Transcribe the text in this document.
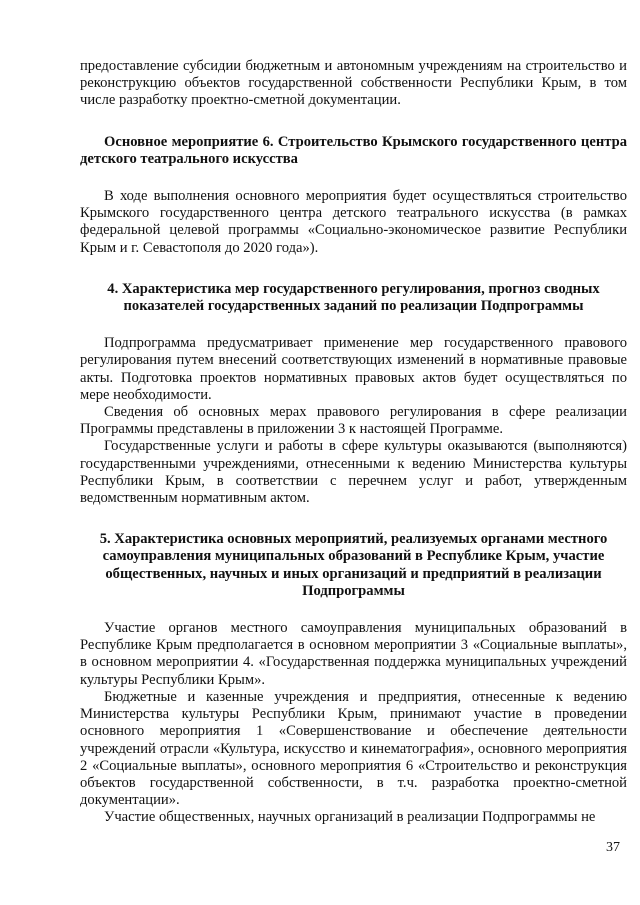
предоставление субсидии бюджетным и автономным учреждениям на строительство и реконструкцию объектов государственной собственности Республики Крым, в том числе разработку проектно-сметной документации.

Основное мероприятие 6. Строительство Крымского государственного центра детского театрального искусства

В ходе выполнения основного мероприятия будет осуществляться строительство Крымского государственного центра детского театрального искусства (в рамках федеральной целевой программы «Социально-экономическое развитие Республики Крым и г. Севастополя до 2020 года»).

4. Характеристика мер государственного регулирования, прогноз сводных показателей государственных заданий по реализации Подпрограммы

Подпрограмма предусматривает применение мер государственного правового регулирования путем внесений соответствующих изменений в нормативные правовые акты. Подготовка проектов нормативных правовых актов будет осуществляться по мере необходимости.

Сведения об основных мерах правового регулирования в сфере реализации Программы представлены в приложении 3 к настоящей Программе.

Государственные услуги и работы в сфере культуры оказываются (выполняются) государственными учреждениями, отнесенными к ведению Министерства культуры Республики Крым, в соответствии с перечнем услуг и работ, утвержденным ведомственным нормативным актом.

5. Характеристика основных мероприятий, реализуемых органами местного самоуправления муниципальных образований в Республике Крым, участие общественных, научных и иных организаций и предприятий в реализации Подпрограммы

Участие органов местного самоуправления муниципальных образований в Республике Крым предполагается в основном мероприятии 3 «Социальные выплаты», в основном мероприятии 4. «Государственная поддержка муниципальных учреждений культуры Республики Крым».

Бюджетные и казенные учреждения и предприятия, отнесенные к ведению Министерства культуры Республики Крым, принимают участие в проведении основного мероприятия 1 «Совершенствование и обеспечение деятельности учреждений отрасли «Культура, искусство и кинематография», основного мероприятия 2 «Социальные выплаты», основного мероприятия 6 «Строительство и реконструкция объектов государственной собственности, в т.ч. разработка проектно-сметной документации».

Участие общественных, научных организаций в реализации Подпрограммы не

37
